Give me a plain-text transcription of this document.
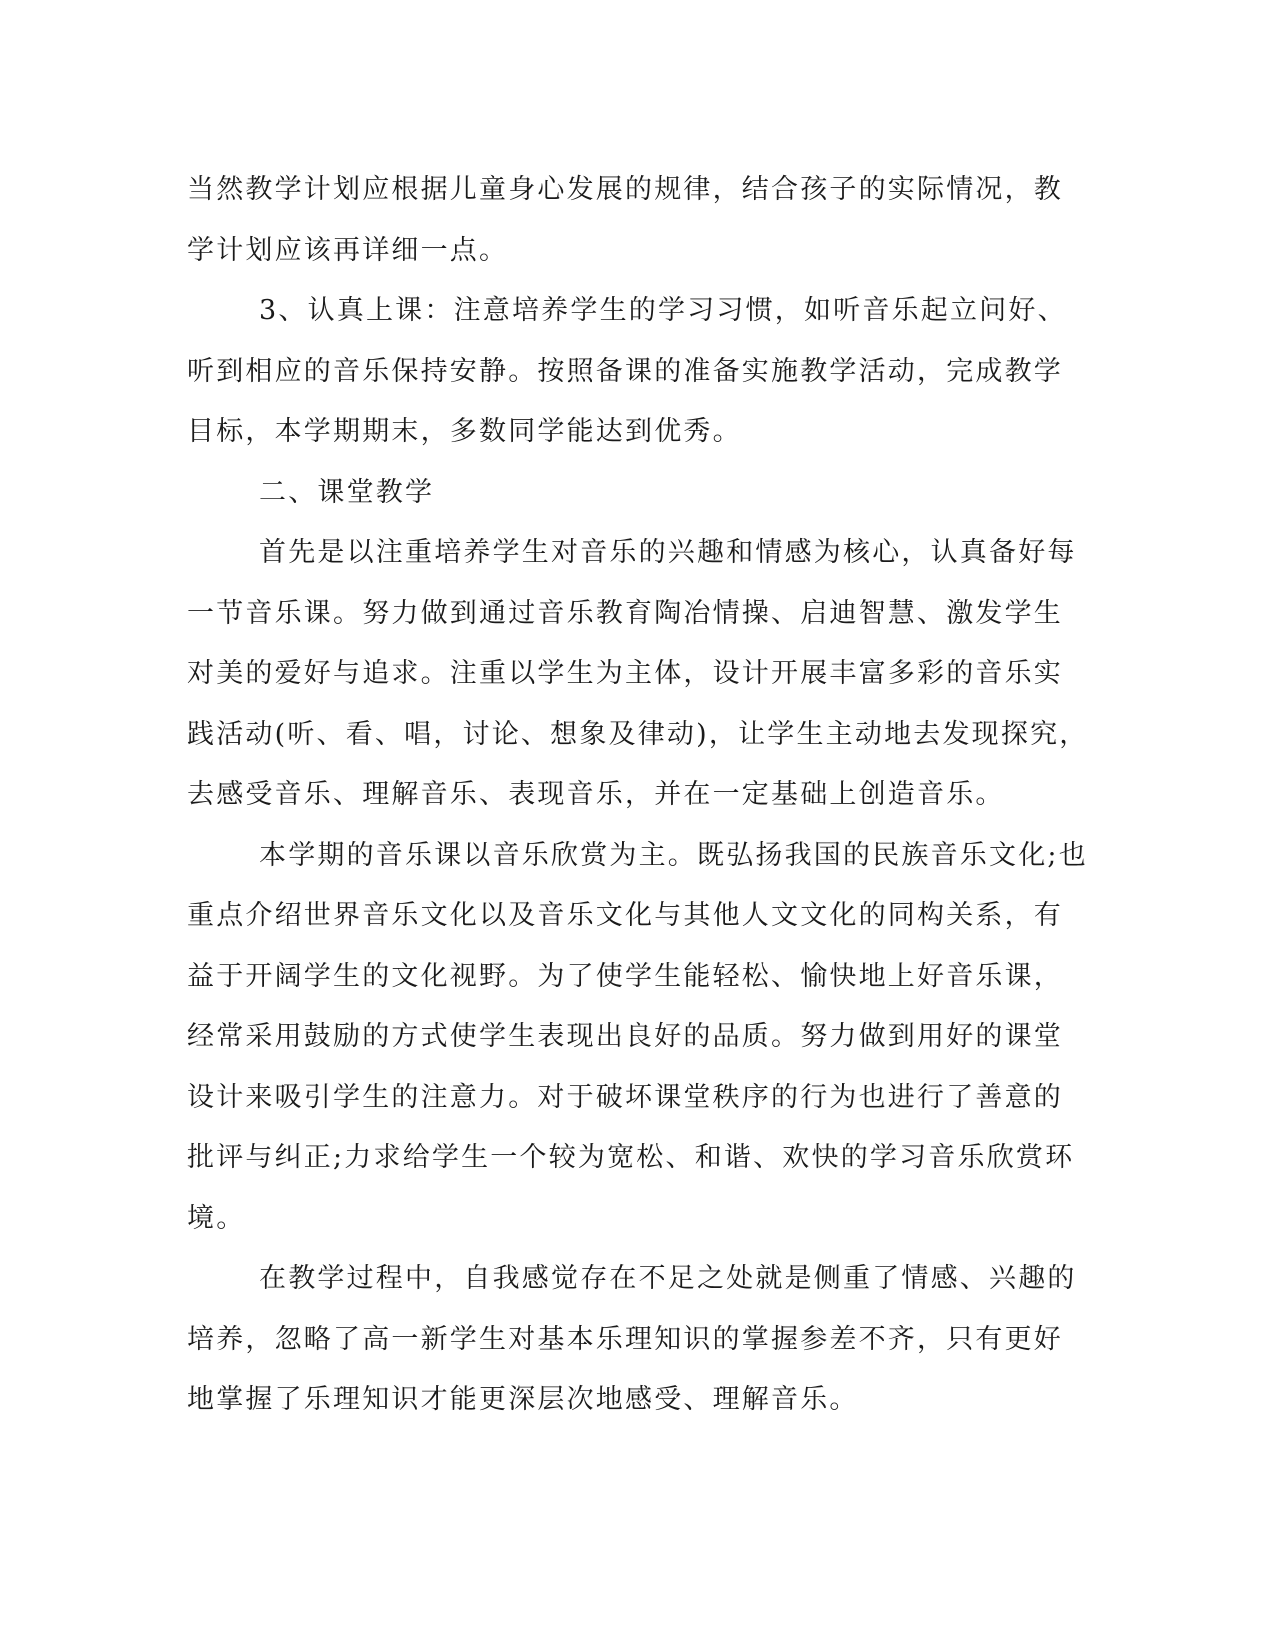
当然教学计划应根据儿童身心发展的规律，结合孩子的实际情况，教
学计划应该再详细一点。
3、认真上课：注意培养学生的学习习惯，如听音乐起立问好、
听到相应的音乐保持安静。按照备课的准备实施教学活动，完成教学
目标，本学期期末，多数同学能达到优秀。
二、课堂教学
首先是以注重培养学生对音乐的兴趣和情感为核心，认真备好每
一节音乐课。努力做到通过音乐教育陶冶情操、启迪智慧、激发学生
对美的爱好与追求。注重以学生为主体，设计开展丰富多彩的音乐实
践活动(听、看、唱，讨论、想象及律动)，让学生主动地去发现探究，
去感受音乐、理解音乐、表现音乐，并在一定基础上创造音乐。
本学期的音乐课以音乐欣赏为主。既弘扬我国的民族音乐文化;也
重点介绍世界音乐文化以及音乐文化与其他人文文化的同构关系，有
益于开阔学生的文化视野。为了使学生能轻松、愉快地上好音乐课，
经常采用鼓励的方式使学生表现出良好的品质。努力做到用好的课堂
设计来吸引学生的注意力。对于破坏课堂秩序的行为也进行了善意的
批评与纠正;力求给学生一个较为宽松、和谐、欢快的学习音乐欣赏环
境。
在教学过程中，自我感觉存在不足之处就是侧重了情感、兴趣的
培养，忽略了高一新学生对基本乐理知识的掌握参差不齐，只有更好
地掌握了乐理知识才能更深层次地感受、理解音乐。
